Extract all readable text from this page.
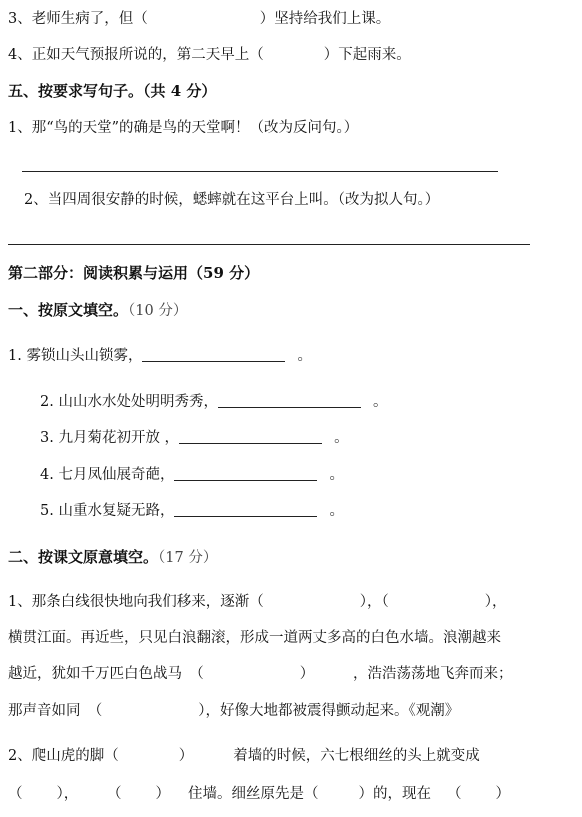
3、老师生病了，但（	）坚持给我们上课。
4、正如天气预报所说的，第二天早上（	）下起雨来。
五、按要求写句子。（共 4 分）
1、那“鸟的天堂”的确是鸟的天堂啊！（改为反问句。）
2、当四周很安静的时候，蟋蟀就在这平台上叫。（改为拟人句。）
第二部分：阅读积累与运用（59 分）
一、按原文填空。（10 分）
1. 雾锁山头山锁雾，	。
2. 山山水水处处明明秀秀，	。
3. 九月菊花初开放 ，	。
4. 七月凤仙展奇葩，	。
5. 山重水复疑无路，	。
二、按课文原意填空。（17 分）
1、那条白线很快地向我们移来，逐渐（	），（	），
横贯江面。再近些，只见白浪翻滚，形成一道两丈多高的白色水墙。浪潮越来
越近，犹如千万匹白色战马　（	）	，浩浩荡荡地飞奔而来；
那声音如同　（	），好像大地都被震得颤动起来。《观潮》
2、爬山虎的脚（	）	着墙的时候，六七根细丝的头上就变成
（ ）， （ ） 住墙。细丝原先是（	）的，现在 （ ）
